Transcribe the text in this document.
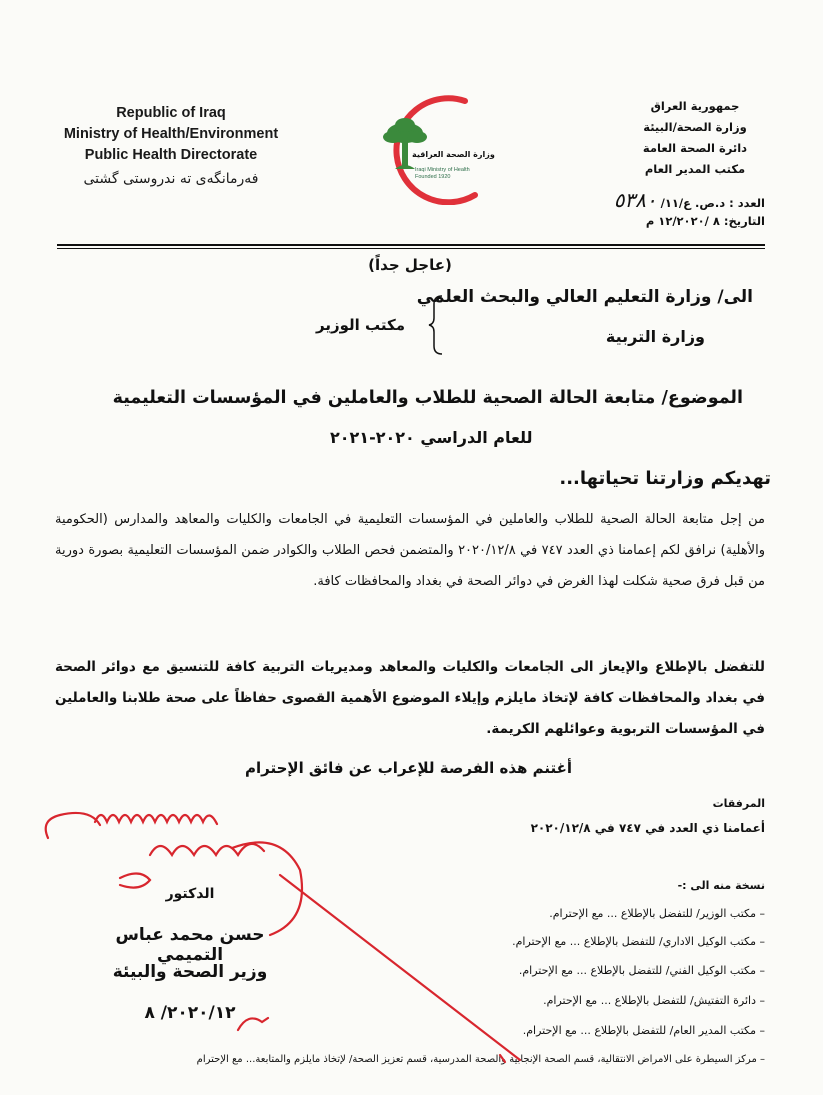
Republic of Iraq
Ministry of Health/Environment
Public Health Directorate
فەرمانگەی تە ندروستی گشتی
وزارة الصحة العراقية
Iraqi Ministry of Health
Founded 1920
جمهورية العراق
وزارة الصحة/البيئة
دائرة الصحة العامة
مكتب المدير العام
العدد : د.ص. ع/١١/ ٥٣٨٠
التاريخ: ٨ /١٢/٢٠٢٠ م
(عاجل جداً)
الى/ وزارة التعليم العالي والبحث العلمي
وزارة التربية
مكتب الوزير
الموضوع/ متابعة الحالة الصحية للطلاب والعاملين في المؤسسات التعليمية
للعام الدراسي ٢٠٢٠-٢٠٢١
تهديكم وزارتنا تحياتها...
من إجل متابعة الحالة الصحية للطلاب والعاملين في المؤسسات التعليمية في الجامعات والكليات والمعاهد والمدارس (الحكومية والأهلية) نرافق لكم إعمامنا ذي العدد ٧٤٧ في ٢٠٢٠/١٢/٨ والمتضمن فحص الطلاب والكوادر ضمن المؤسسات التعليمية بصورة دورية من قبل فرق صحية شكلت لهذا الغرض في دوائر الصحة في بغداد والمحافظات كافة.
للتفضل بالإطلاع والإيعاز الى الجامعات والكليات والمعاهد ومديريات التربية كافة للتنسيق مع دوائر الصحة في بغداد والمحافظات كافة لإتخاذ مايلزم وإيلاء الموضوع الأهمية القصوى حفاظاً على صحة طلابنا والعاملين في المؤسسات التربوية وعوائلهم الكريمة.
أغتنم هذه الفرصة للإعراب عن فائق الإحترام
المرفقات
أعمامنا ذي العدد في ٧٤٧ في ٢٠٢٠/١٢/٨
نسخة منه الى :-
– مكتب الوزير/ للتفضل بالإطلاع ... مع الإحترام.
– مكتب الوكيل الاداري/ للتفضل بالإطلاع ... مع الإحترام.
– مكتب الوكيل الفني/ للتفضل بالإطلاع ... مع الإحترام.
– دائرة التفتيش/ للتفضل بالإطلاع ... مع الإحترام.
– مكتب المدير العام/ للتفضل بالإطلاع ... مع الإحترام.
– مركز السيطرة على الامراض الانتقالية، قسم الصحة الإنجابية والصحة المدرسية، قسم تعزيز الصحة/ لإتخاذ مايلزم والمتابعة... مع الإحترام
الدكتور
حسن محمد عباس التميمي
وزير الصحة والبيئة
٢٠٢٠/١٢/ ٨
